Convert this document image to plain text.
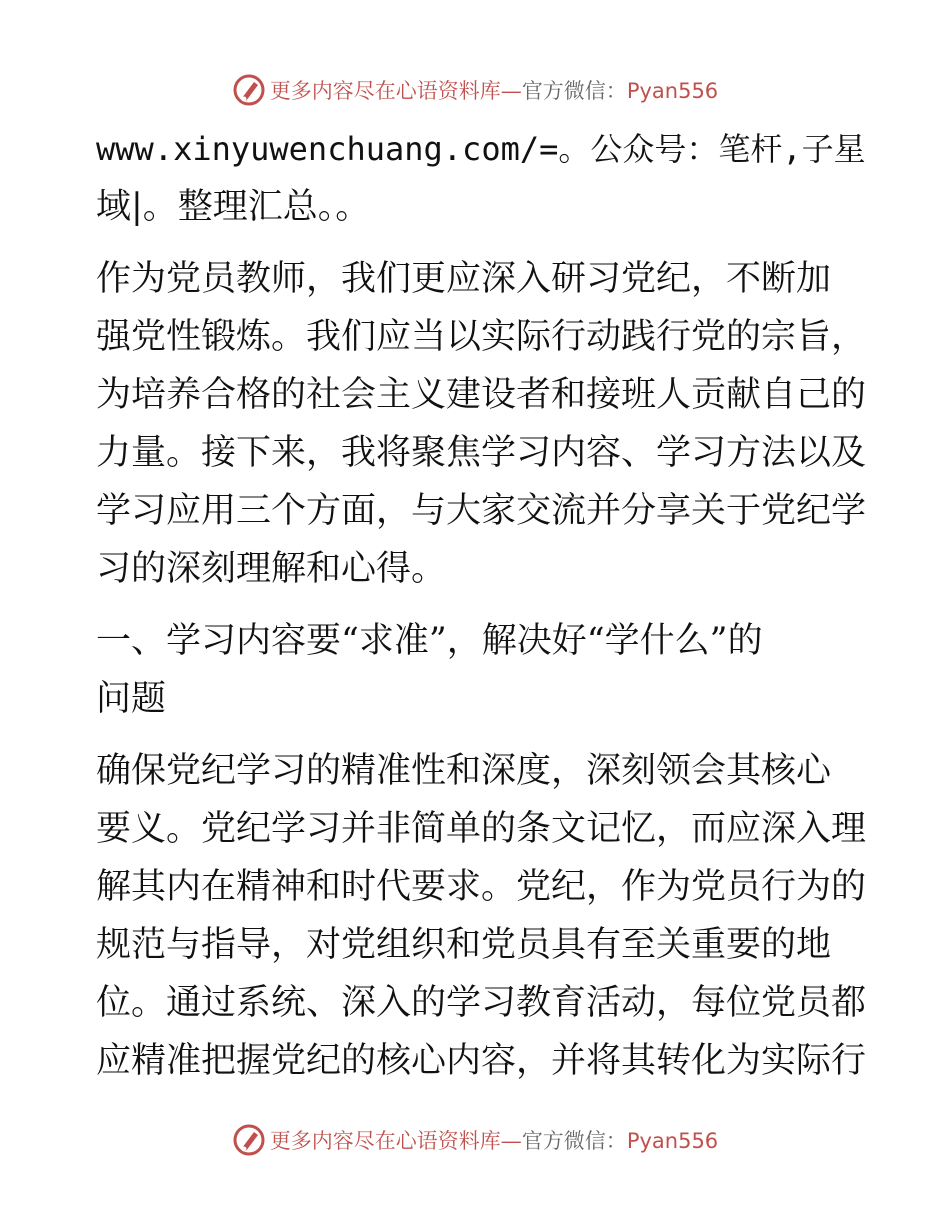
更多内容尽在心语资料库—官方微信：Pyan556

www.xinyuwenchuang.com/=。公众号：笔杆,子星
域|。整理汇总。。

作为党员教师，我们更应深入研习党纪，不断加
强党性锻炼。我们应当以实际行动践行党的宗旨，
为培养合格的社会主义建设者和接班人贡献自己的
力量。接下来，我将聚焦学习内容、学习方法以及
学习应用三个方面，与大家交流并分享关于党纪学
习的深刻理解和心得。

一、学习内容要“求准”，解决好“学什么”的
问题

确保党纪学习的精准性和深度，深刻领会其核心
要义。党纪学习并非简单的条文记忆，而应深入理
解其内在精神和时代要求。党纪，作为党员行为的
规范与指导，对党组织和党员具有至关重要的地
位。通过系统、深入的学习教育活动，每位党员都
应精准把握党纪的核心内容，并将其转化为实际行

更多内容尽在心语资料库—官方微信：Pyan556
